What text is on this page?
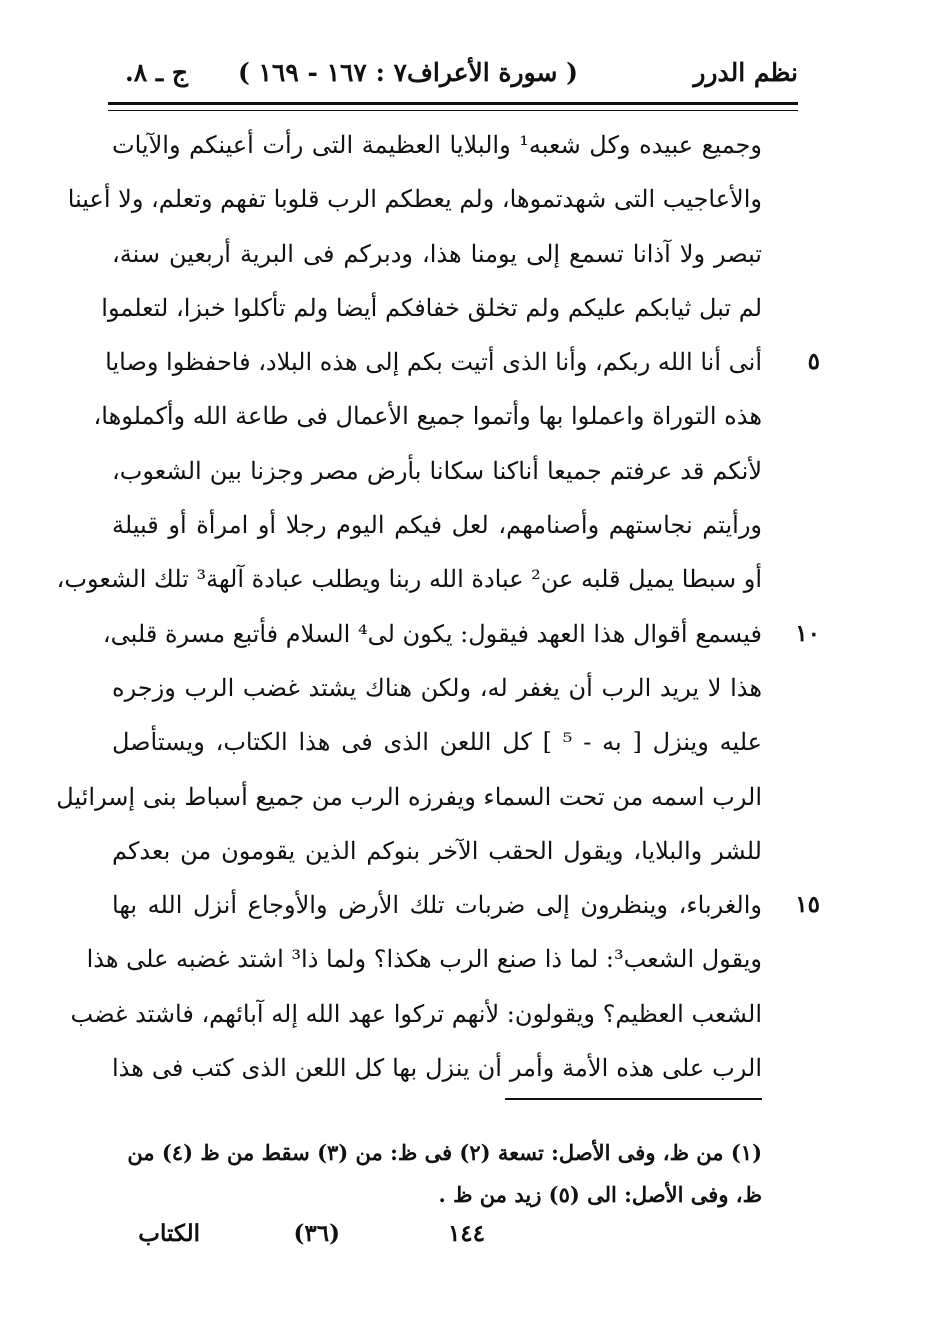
نظم الدرر
( سورة الأعراف٧ : ١٦٧ - ١٦٩ )
ج ـ ٨.
وجميع عبيده وكل شعبه¹ والبلايا العظيمة التى رأت أعينكم والآيات
والأعاجيب التى شهدتموها، ولم يعطكم الرب قلوبا تفهم وتعلم، ولا أعينا
تبصر ولا آذانا تسمع إلى يومنا هذا، ودبركم فى البرية أربعين سنة،
لم تبل ثيابكم عليكم ولم تخلق خفافكم أيضا ولم تأكلوا خبزا، لتعلموا
أنى أنا الله ربكم، وأنا الذى أتيت بكم إلى هذه البلاد، فاحفظوا وصايا	٥
هذه التوراة واعملوا بها وأتموا جميع الأعمال فى طاعة الله وأكملوها،
لأنكم قد عرفتم جميعا أناكنا سكانا بأرض مصر وجزنا بين الشعوب،
ورأيتم نجاستهم وأصنامهم، لعل فيكم اليوم رجلا أو امرأة أو قبيلة
أو سبطا يميل قلبه عن² عبادة الله ربنا ويطلب عبادة آلهة³ تلك الشعوب،
فيسمع أقوال هذا العهد فيقول: يكون لى⁴ السلام فأتبع مسرة قلبى،	١٠
هذا لا يريد الرب أن يغفر له، ولكن هناك يشتد غضب الرب وزجره
عليه وينزل [ به - ⁵ ] كل اللعن الذى فى هذا الكتاب، ويستأصل
الرب اسمه من تحت السماء ويفرزه الرب من جميع أسباط بنى إسرائيل
للشر والبلايا، ويقول الحقب الآخر بنوكم الذين يقومون من بعدكم
والغرباء، وينظرون إلى ضربات تلك الأرض والأوجاع أنزل الله بها	١٥
ويقول الشعب³: لما ذا صنع الرب هكذا؟ ولما ذا³ اشتد غضبه على هذا
الشعب العظيم؟ ويقولون: لأنهم تركوا عهد الله إله آبائهم، فاشتد غضب
الرب على هذه الأمة وأمر أن ينزل بها كل اللعن الذى كتب فى هذا
(١) من ظ، وفى الأصل: تسعة (٢) فى ظ: من (٣) سقط من ظ (٤) من
ظ، وفى الأصل: الى (٥) زيد من ظ .
١٤٤
(٣٦)
الكتاب
